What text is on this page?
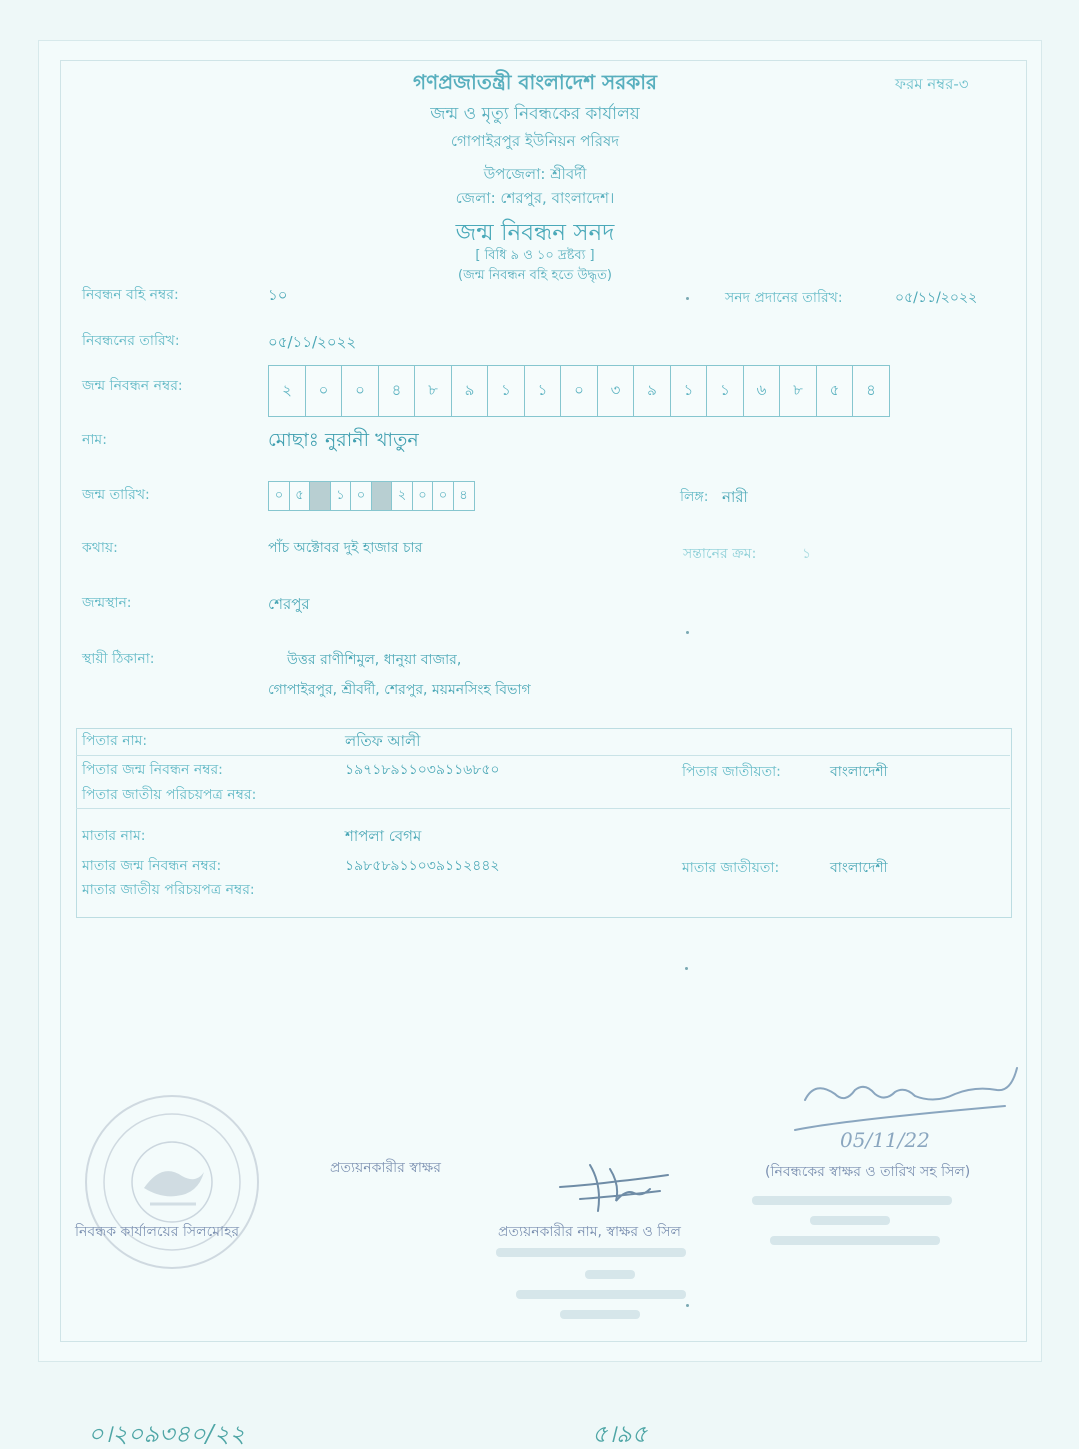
গণপ্রজাতন্ত্রী বাংলাদেশ সরকার
জন্ম ও মৃত্যু নিবন্ধকের কার্যালয়
গোপাইরপুর ইউনিয়ন পরিষদ
ফরম নম্বর-৩
উপজেলা: শ্রীবর্দী
জেলা: শেরপুর, বাংলাদেশ।
জন্ম নিবন্ধন সনদ
[ বিধি ৯ ও ১০ দ্রষ্টব্য ]
(জন্ম নিবন্ধন বহি হতে উদ্ধৃত)
নিবন্ধন বহি নম্বর:	১০	সনদ প্রদানের তারিখ:	০৫/১১/২০২২
নিবন্ধনের তারিখ:	০৫/১১/২০২২
জন্ম নিবন্ধন নম্বর:	২	০	০	৪	৮	৯	১	১	০	৩	৯	১	১	৬	৮	৫	৪
নাম:	মোছাঃ নুরানী খাতুন
জন্ম তারিখ:	০ ৫	১ ০	২ ০ ০ ৪	লিঙ্গ: নারী
কথায়:	পাঁচ অক্টোবর দুই হাজার চার	সন্তানের ক্রম:	১
জন্মস্থান:	শেরপুর
স্থায়ী ঠিকানা:	উত্তর রাণীশিমুল, ধানুয়া বাজার,
গোপাইরপুর, শ্রীবর্দী, শেরপুর, ময়মনসিংহ বিভাগ
পিতার নাম:	লতিফ আলী
পিতার জন্ম নিবন্ধন নম্বর:	১৯৭১৮৯১১০৩৯১১৬৮৫০	পিতার জাতীয়তা:	বাংলাদেশী
পিতার জাতীয় পরিচয়পত্র নম্বর:
মাতার নাম:	শাপলা বেগম
মাতার জন্ম নিবন্ধন নম্বর:	১৯৮৫৮৯১১০৩৯১১২৪৪২	মাতার জাতীয়তা:	বাংলাদেশী
মাতার জাতীয় পরিচয়পত্র নম্বর:
প্রত্যয়নকারীর স্বাক্ষর
নিবন্ধক কার্যালয়ের সিলমোহর	প্রত্যয়নকারীর নাম, স্বাক্ষর ও সিল
05/11/22
(নিবন্ধকের স্বাক্ষর ও তারিখ সহ সিল)
০।২০৯৩৪০/২২	৫।৯৫
